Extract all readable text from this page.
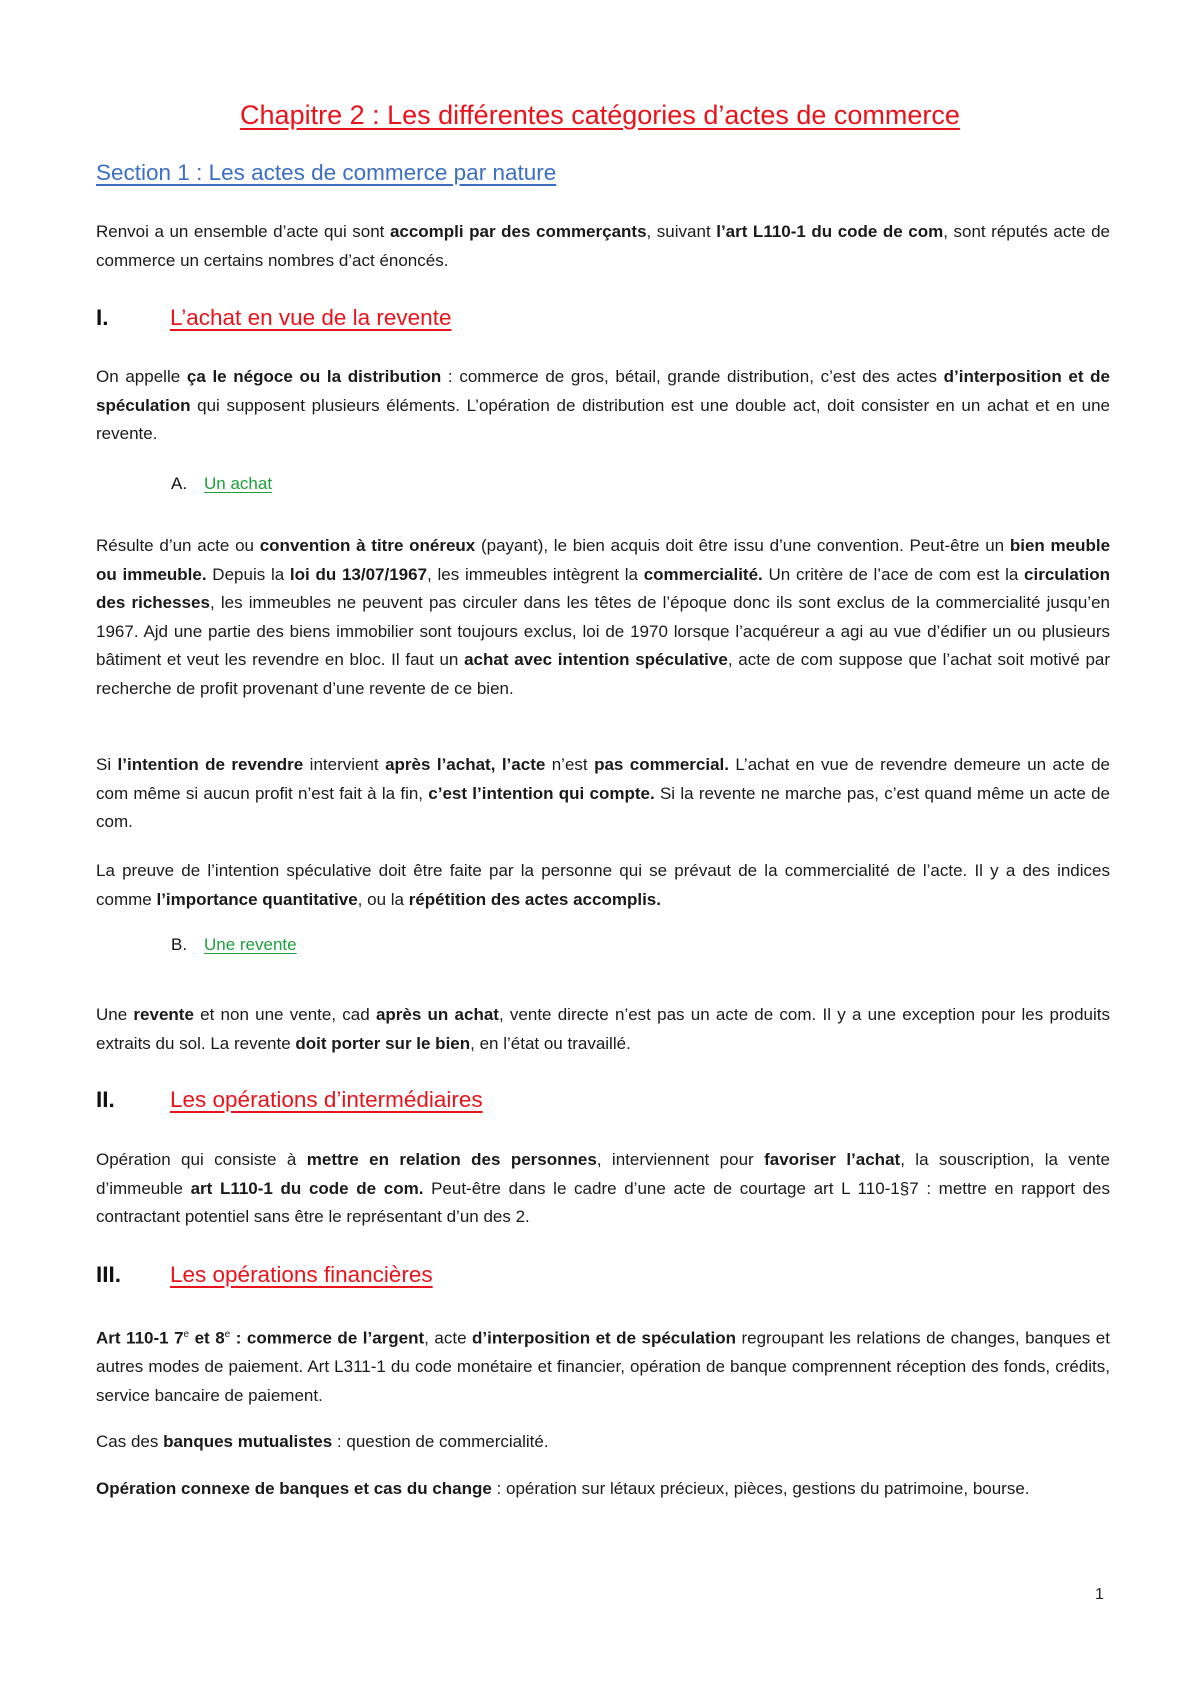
Chapitre 2 : Les différentes catégories d’actes de commerce
Section 1 : Les actes de commerce par nature

Renvoi a un ensemble d’acte qui sont accompli par des commerçants, suivant l’art L110-1 du code de com, sont réputés acte de commerce un certains nombres d’act énoncés.

I.	L’achat en vue de la revente

On appelle ça le négoce ou la distribution : commerce de gros, bétail, grande distribution, c’est des actes d’interposition et de spéculation qui supposent plusieurs éléments. L’opération de distribution est une double act, doit consister en un achat et en une revente.

A. Un achat

Résulte d’un acte ou convention à titre onéreux (payant), le bien acquis doit être issu d’une convention. Peut-être un bien meuble ou immeuble. Depuis la loi du 13/07/1967, les immeubles intègrent la commercialité. Un critère de l’ace de com est la circulation des richesses, les immeubles ne peuvent pas circuler dans les têtes de l’époque donc ils sont exclus de la commercialité jusqu’en 1967. Ajd une partie des biens immobilier sont toujours exclus, loi de 1970 lorsque l’acquéreur a agi au vue d’édifier un ou plusieurs bâtiment et veut les revendre en bloc. Il faut un achat avec intention spéculative, acte de com suppose que l’achat soit motivé par recherche de profit provenant d’une revente de ce bien.

Si l’intention de revendre intervient après l’achat, l’acte n’est pas commercial. L’achat en vue de revendre demeure un acte de com même si aucun profit n’est fait à la fin, c’est l’intention qui compte. Si la revente ne marche pas, c’est quand même un acte de com.

La preuve de l’intention spéculative doit être faite par la personne qui se prévaut de la commercialité de l’acte. Il y a des indices comme l’importance quantitative, ou la répétition des actes accomplis.

B. Une revente

Une revente et non une vente, cad après un achat, vente directe n’est pas un acte de com. Il y a une exception pour les produits extraits du sol. La revente doit porter sur le bien, en l’état ou travaillé.

II. Les opérations d’intermédiaires

Opération qui consiste à mettre en relation des personnes, interviennent pour favoriser l’achat, la souscription, la vente d’immeuble art L110-1 du code de com. Peut-être dans le cadre d’une acte de courtage art L 110-1§7 : mettre en rapport des contractant potentiel sans être le représentant d’un des 2.

III. Les opérations financières

Art 110-1 7e et 8e : commerce de l’argent, acte d’interposition et de spéculation regroupant les relations de changes, banques et autres modes de paiement. Art L311-1 du code monétaire et financier, opération de banque comprennent réception des fonds, crédits, service bancaire de paiement.

Cas des banques mutualistes : question de commercialité.

Opération connexe de banques et cas du change : opération sur létaux précieux, pièces, gestions du patrimoine, bourse.

1
